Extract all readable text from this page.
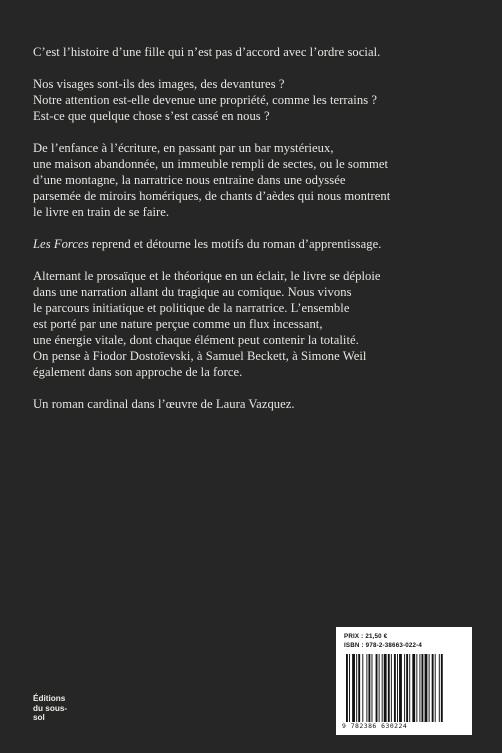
C’est l’histoire d’une fille qui n’est pas d’accord avec l’ordre social.

Nos visages sont-ils des images, des devantures ?
Notre attention est-elle devenue une propriété, comme les terrains ?
Est-ce que quelque chose s’est cassé en nous ?

De l’enfance à l’écriture, en passant par un bar mystérieux,
une maison abandonnée, un immeuble rempli de sectes, ou le sommet
d’une montagne, la narratrice nous entraine dans une odyssée
parsemée de miroirs homériques, de chants d’aèdes qui nous montrent
le livre en train de se faire.

Les Forces reprend et détourne les motifs du roman d’apprentissage.

Alternant le prosaïque et le théorique en un éclair, le livre se déploie
dans une narration allant du tragique au comique. Nous vivons
le parcours initiatique et politique de la narratrice. L’ensemble
est porté par une nature perçue comme un flux incessant,
une énergie vitale, dont chaque élément peut contenir la totalité.
On pense à Fiodor Dostoïevski, à Samuel Beckett, à Simone Weil
également dans son approche de la force.

Un roman cardinal dans l’œuvre de Laura Vazquez.

Éditions
du sous-
sol
PRIX : 21,50 €
ISBN : 978-2-38663-022-4
9 782386 630224
